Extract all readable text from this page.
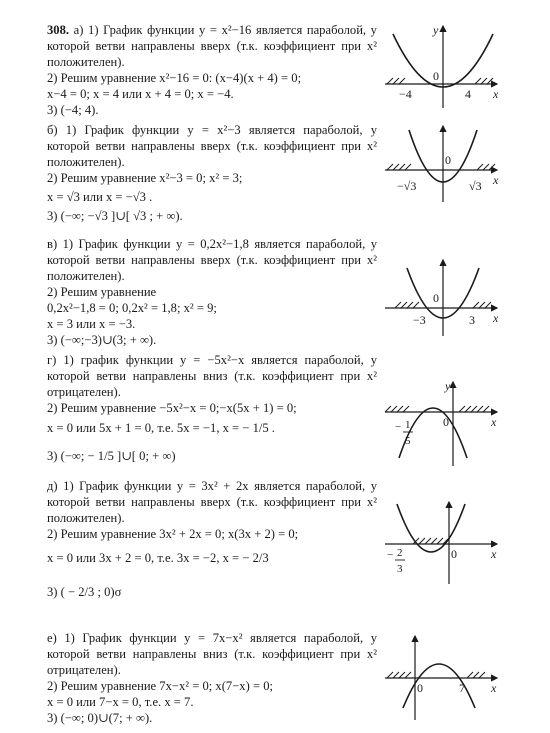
308. а) 1) График функции y = x²−16 является параболой, у которой ветви направлены вверх (т.к. коэффициент при x² положителен).
2) Решим уравнение x²−16 = 0: (x−4)(x + 4) = 0;
x−4 = 0; x = 4 или x + 4 = 0; x = −4.
3) (−4; 4).
б) 1) График функции y = x²−3 является параболой, у которой ветви направлены вверх (т.к. коэффициент при x² положителен).
2) Решим уравнение x²−3 = 0; x² = 3;
x = √3 или x = −√3 .
3) (−∞; −√3 ]∪[ √3 ; + ∞).
в) 1) График функции y = 0,2x²−1,8 является параболой, у которой ветви направлены вверх (т.к. коэффициент при x² положителен).
2) Решим уравнение
0,2x²−1,8 = 0; 0,2x² = 1,8; x² = 9;
x = 3 или x = −3.
3) (−∞;−3)∪(3; + ∞).
г) 1) график функции y = −5x²−x является параболой, у которой ветви направлены вниз (т.к. коэффициент при x² отрицателен).
2) Решим уравнение −5x²−x = 0;−x(5x + 1) = 0;
x = 0 или 5x + 1 = 0, т.е. 5x = −1, x = − 1/5 .
3) (−∞; − 1/5 ]∪[ 0; + ∞)
д) 1) График функции y = 3x² + 2x является параболой, у которой ветви направлены вверх (т.к. коэффициент при x² положителен).
2) Решим уравнение 3x² + 2x = 0; x(3x + 2) = 0;
x = 0 или 3x + 2 = 0, т.е. 3x = −2, x = − 2/3
3) ( − 2/3 ; 0)σ
е) 1) График функции y = 7x−x² является параболой, у которой ветви направлены вниз (т.к. коэффициент при x² отрицателен).
2) Решим уравнение 7x−x² = 0; x(7−x) = 0;
x = 0 или 7−x = 0, т.е. x = 7.
3) (−∞; 0)∪(7; + ∞).
y
x
−4
0
4
0
−√3	√3 x
0
−3	3 x
y
x
− 1
5
0
x
− 2
3
0
0	7 x
